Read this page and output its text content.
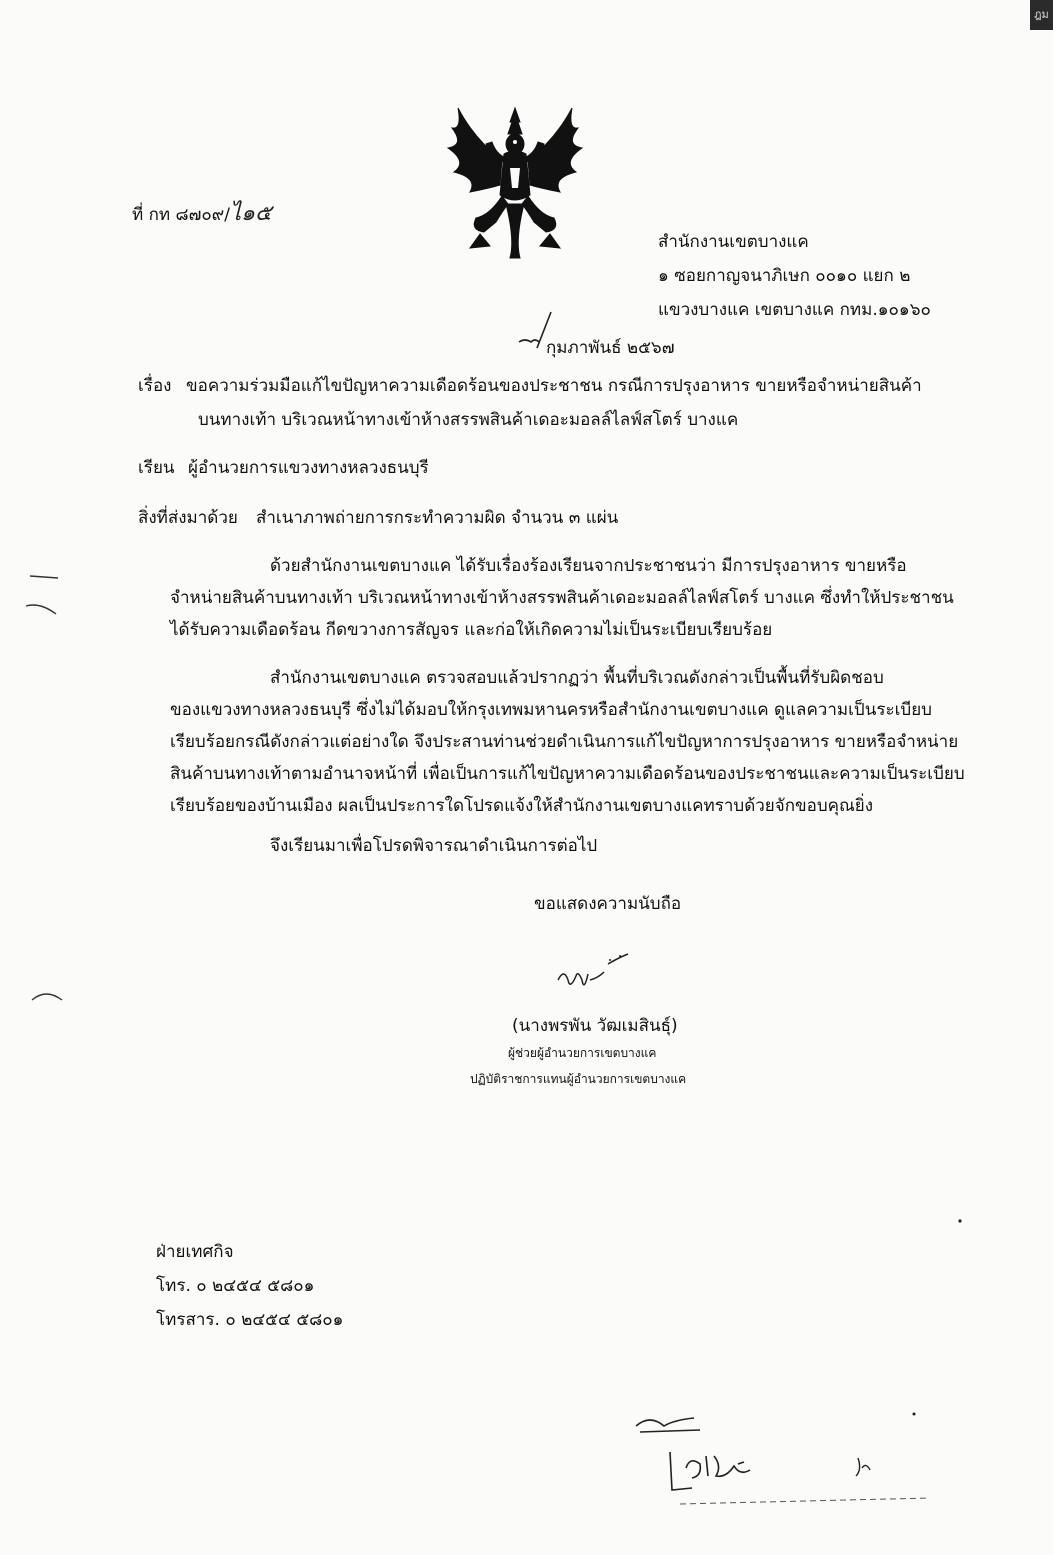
ฎม
ที่ กท ๘๗๐๙/ไ๑๕
สำนักงานเขตบางแค
๑ ซอยกาญจนาภิเษก ๐๐๑๐ แยก ๒
แขวงบางแค เขตบางแค กทม.๑๐๑๖๐
กุมภาพันธ์ ๒๕๖๗
เรื่อง ขอความร่วมมือแก้ไขปัญหาความเดือดร้อนของประชาชน กรณีการปรุงอาหาร ขายหรือจำหน่ายสินค้า
บนทางเท้า บริเวณหน้าทางเข้าห้างสรรพสินค้าเดอะมอลล์ไลฟ์สโตร์ บางแค
เรียน ผู้อำนวยการแขวงทางหลวงธนบุรี
สิ่งที่ส่งมาด้วย สำเนาภาพถ่ายการกระทำความผิด จำนวน ๓ แผ่น
ด้วยสำนักงานเขตบางแค ได้รับเรื่องร้องเรียนจากประชาชนว่า มีการปรุงอาหาร ขายหรือ
จำหน่ายสินค้าบนทางเท้า บริเวณหน้าทางเข้าห้างสรรพสินค้าเดอะมอลล์ไลฟ์สโตร์ บางแค ซึ่งทำให้ประชาชน
ได้รับความเดือดร้อน กีดขวางการสัญจร และก่อให้เกิดความไม่เป็นระเบียบเรียบร้อย
สำนักงานเขตบางแค ตรวจสอบแล้วปรากฏว่า พื้นที่บริเวณดังกล่าวเป็นพื้นที่รับผิดชอบ
ของแขวงทางหลวงธนบุรี ซึ่งไม่ได้มอบให้กรุงเทพมหานครหรือสำนักงานเขตบางแค ดูแลความเป็นระเบียบ
เรียบร้อยกรณีดังกล่าวแต่อย่างใด จึงประสานท่านช่วยดำเนินการแก้ไขปัญหาการปรุงอาหาร ขายหรือจำหน่าย
สินค้าบนทางเท้าตามอำนาจหน้าที่ เพื่อเป็นการแก้ไขปัญหาความเดือดร้อนของประชาชนและความเป็นระเบียบ
เรียบร้อยของบ้านเมือง ผลเป็นประการใดโปรดแจ้งให้สำนักงานเขตบางแคทราบด้วยจักขอบคุณยิ่ง
จึงเรียนมาเพื่อโปรดพิจารณาดำเนินการต่อไป
ขอแสดงความนับถือ
(นางพรพัน วัฒเมสินธุ์)
ผู้ช่วยผู้อำนวยการเขตบางแค
ปฏิบัติราชการแทนผู้อำนวยการเขตบางแค
ฝ่ายเทศกิจ
โทร. ๐ ๒๔๕๔ ๕๘๐๑
โทรสาร. ๐ ๒๔๕๔ ๕๘๐๑
